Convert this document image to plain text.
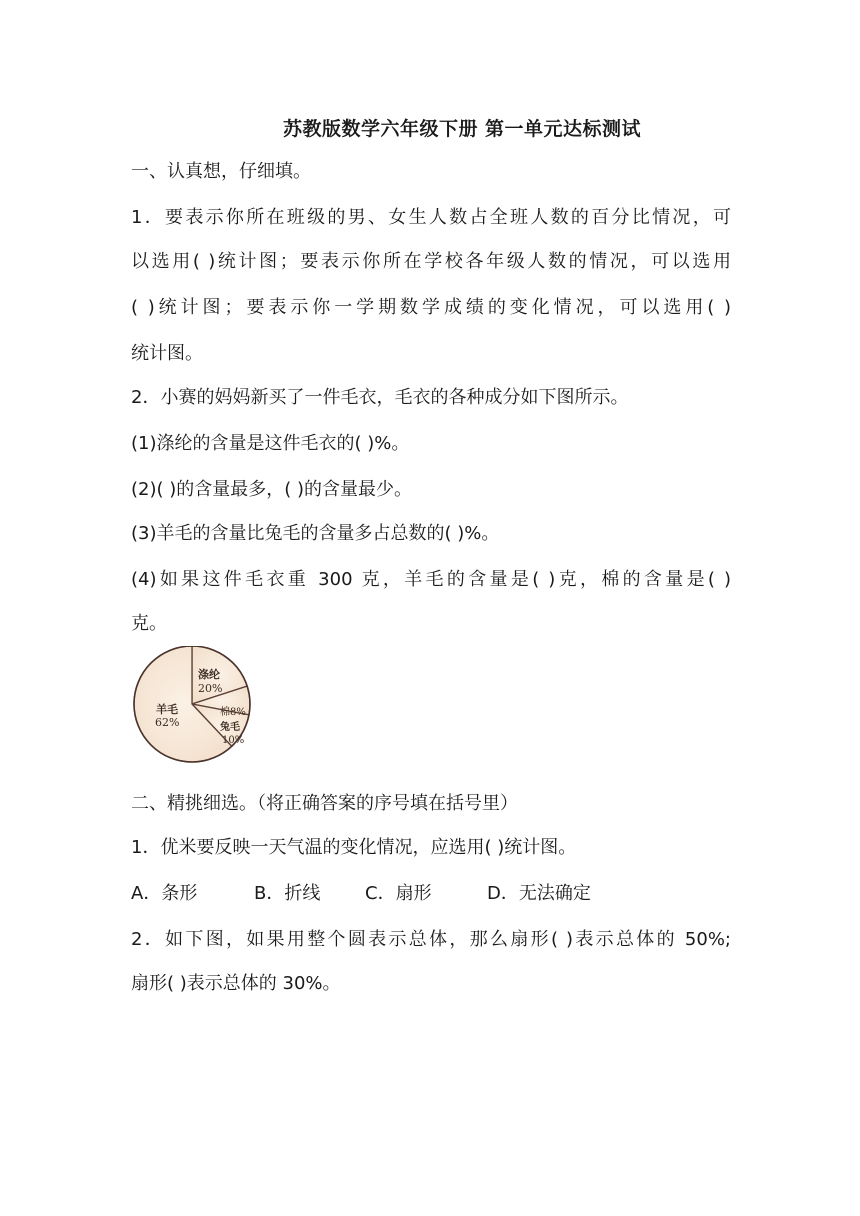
苏教版数学六年级下册 第一单元达标测试
一、认真想，仔细填。
1．要表示你所在班级的男、女生人数占全班人数的百分比情况，可
以选用( )统计图；要表示你所在学校各年级人数的情况，可以选用
( )统计图；要表示你一学期数学成绩的变化情况，可以选用( )
统计图。
2．小赛的妈妈新买了一件毛衣，毛衣的各种成分如下图所示。
(1)涤纶的含量是这件毛衣的( )%。
(2)( )的含量最多，( )的含量最少。
(3)羊毛的含量比兔毛的含量多占总数的( )%。
(4)如果这件毛衣重 300 克，羊毛的含量是( )克，棉的含量是( )
克。
涤纶
20%
棉8%
兔毛
10%
羊毛
62%
二、精挑细选。（将正确答案的序号填在括号里）
1．优米要反映一天气温的变化情况，应选用( )统计图。
A．条形	B．折线 C．扇形	D．无法确定
2．如下图，如果用整个圆表示总体，那么扇形( )表示总体的 50%;
扇形( )表示总体的 30%。
